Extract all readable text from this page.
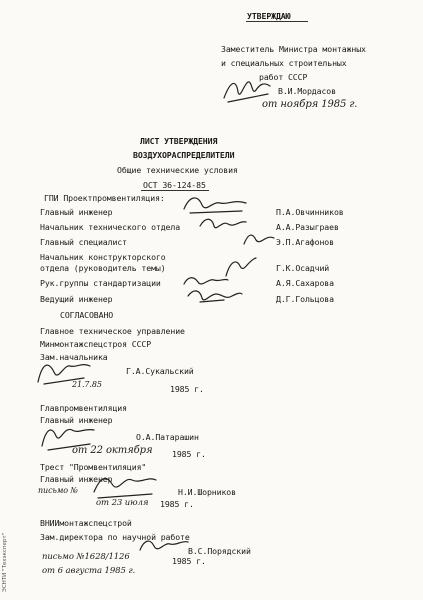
УТВЕРЖДАЮ
Заместитель Министра монтажных
и специальных строительных
работ СССР
В.И.Мордасов
от ноября 1985 г.
ЛИСТ УТВЕРЖДЕНИЯ
ВОЗДУХОРАСПРЕДЕЛИТЕЛИ
Общие технические условия
ОСТ 36-124-85
ГПИ Проектпромвентиляция:
Главный инженер	П.А.Овчинников
Начальник технического отдела	А.А.Разыграев
Главный специалист	Э.П.Агафонов
Начальник конструкторского
отдела (руководитель темы)	Г.К.Осадчий
Рук.группы стандартизации	А.Я.Сахарова
Ведущий инженер	Д.Г.Гольцова
СОГЛАСОВАНО
Главное техническое управление
Минмонтажспецстроя СССР
Зам.начальника
Г.А.Сукальский
21.7.85	1985 г.
Главпромвентиляция
Главный инженер
О.А.Патарашин
от 22 октября 1985 г.
Трест "Промвентиляция"
Главный инженер
письмо №	Н.И.Шорников
от 23 июля 1985 г.
ВНИИмонтажспецстрой
Зам.директора по научной работе
В.С.Порядский
письмо №1628/1126
от 6 августа 1985 г.
1985 г.
ЭСНТИ "Техэксперт"
